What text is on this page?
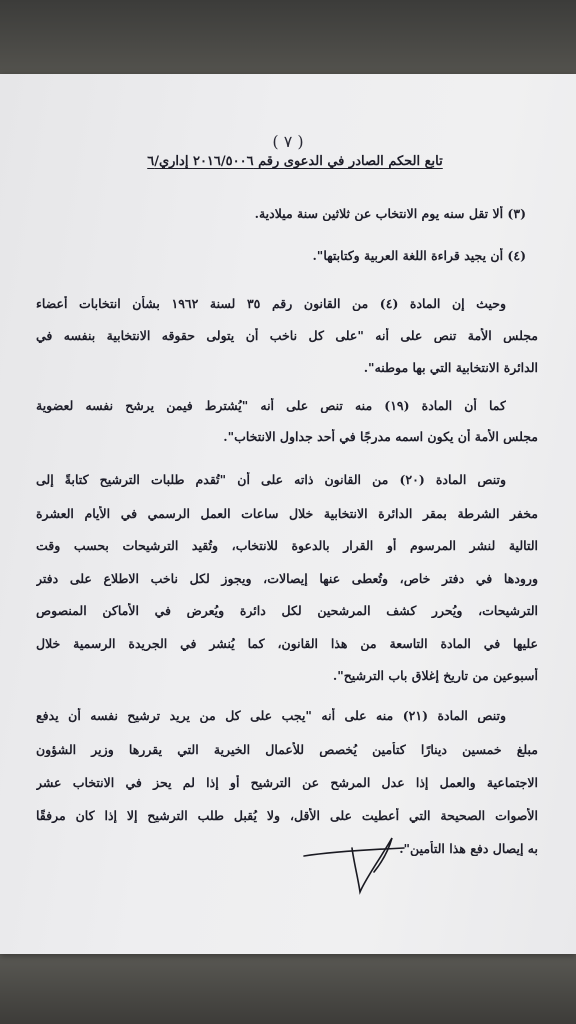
( ٧ )
تابع الحكم الصادر في الدعوى رقم ٢٠١٦/٥٠٠٦ إداري/٦
(٣) ألا تقل سنه يوم الانتخاب عن ثلاثين سنة ميلادية.
(٤) أن يجيد قراءة اللغة العربية وكتابتها".
وحيث إن المادة (٤) من القانون رقم ٣٥ لسنة ١٩٦٢ بشأن انتخابات أعضاء
مجلس الأمة تنص على أنه "على كل ناخب أن يتولى حقوقه الانتخابية بنفسه في
الدائرة الانتخابية التي بها موطنه".
كما أن المادة (١٩) منه تنص على أنه "يُشترط فيمن يرشح نفسه لعضوية
مجلس الأمة أن يكون اسمه مدرجًا في أحد جداول الانتخاب".
وتنص المادة (٢٠) من القانون ذاته على أن "تُقدم طلبات الترشيح كتابةً إلى
مخفر الشرطة بمقر الدائرة الانتخابية خلال ساعات العمل الرسمي في الأيام العشرة
التالية لنشر المرسوم أو القرار بالدعوة للانتخاب، وتُقيد الترشيحات بحسب وقت
ورودها في دفتر خاص، وتُعطى عنها إيصالات، ويجوز لكل ناخب الاطلاع على دفتر
الترشيحات، ويُحرر كشف المرشحين لكل دائرة ويُعرض في الأماكن المنصوص
عليها في المادة التاسعة من هذا القانون، كما يُنشر في الجريدة الرسمية خلال
أسبوعين من تاريخ إغلاق باب الترشيح".
وتنص المادة (٢١) منه على أنه "يجب على كل من يريد ترشيح نفسه أن يدفع
مبلغ خمسين دينارًا كتأمين يُخصص للأعمال الخيرية التي يقررها وزير الشؤون
الاجتماعية والعمل إذا عدل المرشح عن الترشيح أو إذا لم يحز في الانتخاب عشر
الأصوات الصحيحة التي أعطيت على الأقل، ولا يُقبل طلب الترشيح إلا إذا كان مرفقًا
به إيصال دفع هذا التأمين".
